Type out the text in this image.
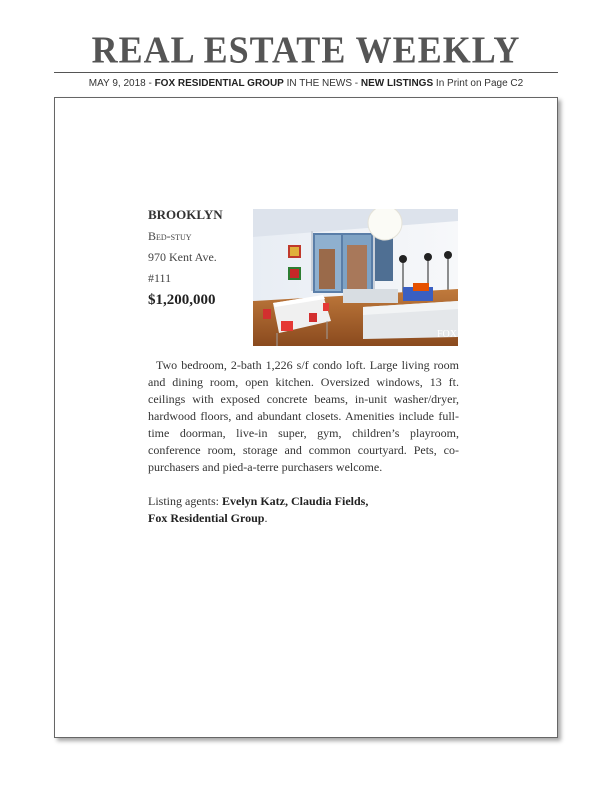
REAL ESTATE WEEKLY
MAY 9, 2018 - FOX RESIDENTIAL GROUP IN THE NEWS - NEW LISTINGS In Print on Page C2
BROOKLYN
Bed-stuy
970 Kent Ave.
#111
$1,200,000
FOX
Two bedroom, 2-bath 1,226 s/f condo loft. Large living room and dining room, open kitchen. Oversized windows, 13 ft. ceilings with exposed concrete beams, in-unit washer/dryer, hardwood floors, and abundant closets. Amenities include full-time doorman, live-in super, gym, children’s playroom, conference room, storage and common courtyard. Pets, co-purchasers and pied-a-terre purchasers welcome.
Listing agents: Evelyn Katz, Claudia Fields,
Fox Residential Group.
